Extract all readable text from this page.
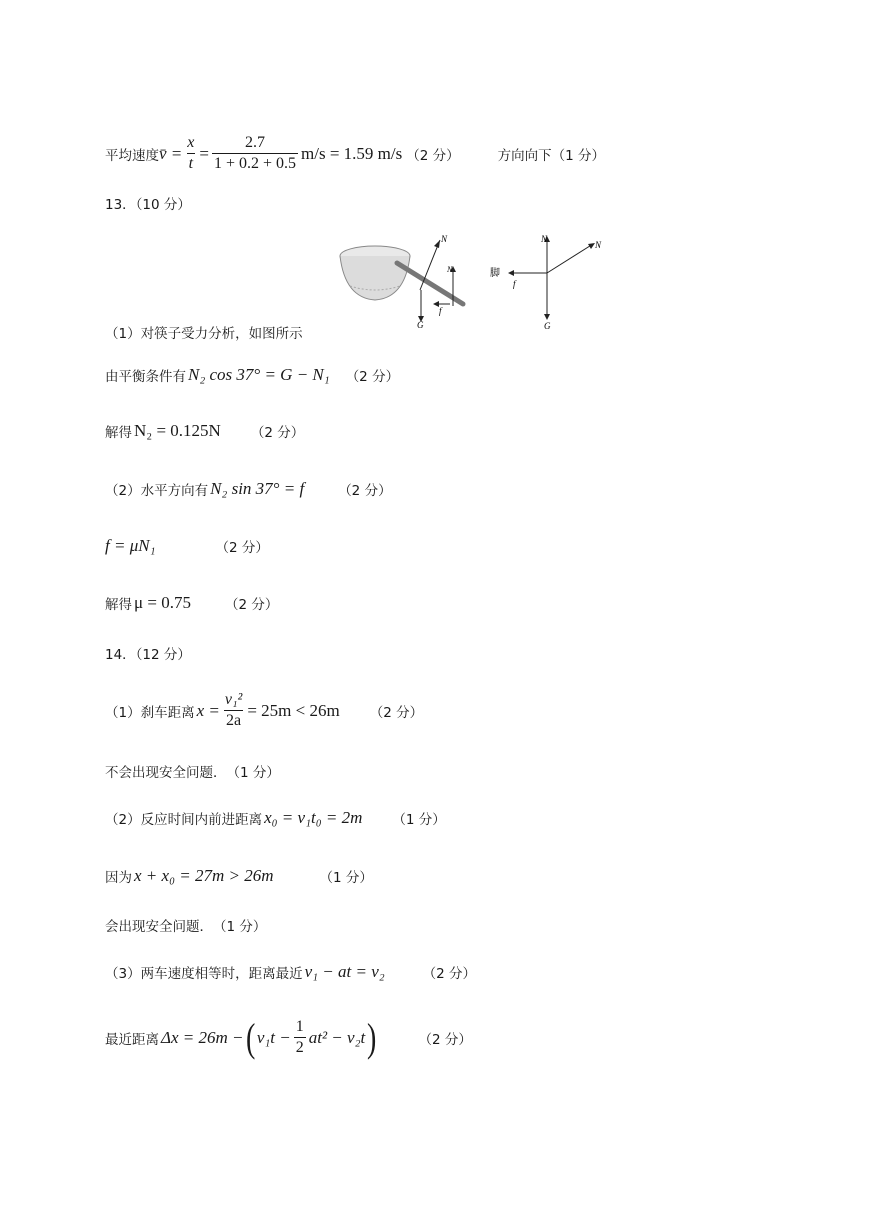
平均速度 v̄ = $\frac{x}{t} = \frac{2.7}{1 + 0.2 + 0.5} m/s = 1.59$ m/s （2 分）	方向向下（1 分）
13．（10 分）
N
N
G
f
N
N
脚
f
G
（1）对筷子受力分析，如图所示
由平衡条件有 N₂ cos 37° = G − N₁ （2 分）
解得 N₂ = 0.125N （2 分）
（2）水平方向有 N₂ sin 37° = f	（2 分）
f = μN₁	（2 分）
解得 μ = 0.75	（2 分）
14．（12 分）
（1）刹车距离 $x = \frac{\text{v₁²}}{2a} = 25m < 26m$ （2 分）
不会出现安全问题．　（1 分）
（2）反应时间内前进距离 x₀ = v₁t₀ = 2m （1 分）
因为 x + x₀ = 27m > 26m	（1 分）
会出现安全问题．　（1 分）
（3）两车速度相等时，距离最近 v₁ − at = v₂	（2 分）
最近距离 Δx = 26m − ( $v_1t - \frac{1}{2} at^2 - v_2t$ )	（2 分）
